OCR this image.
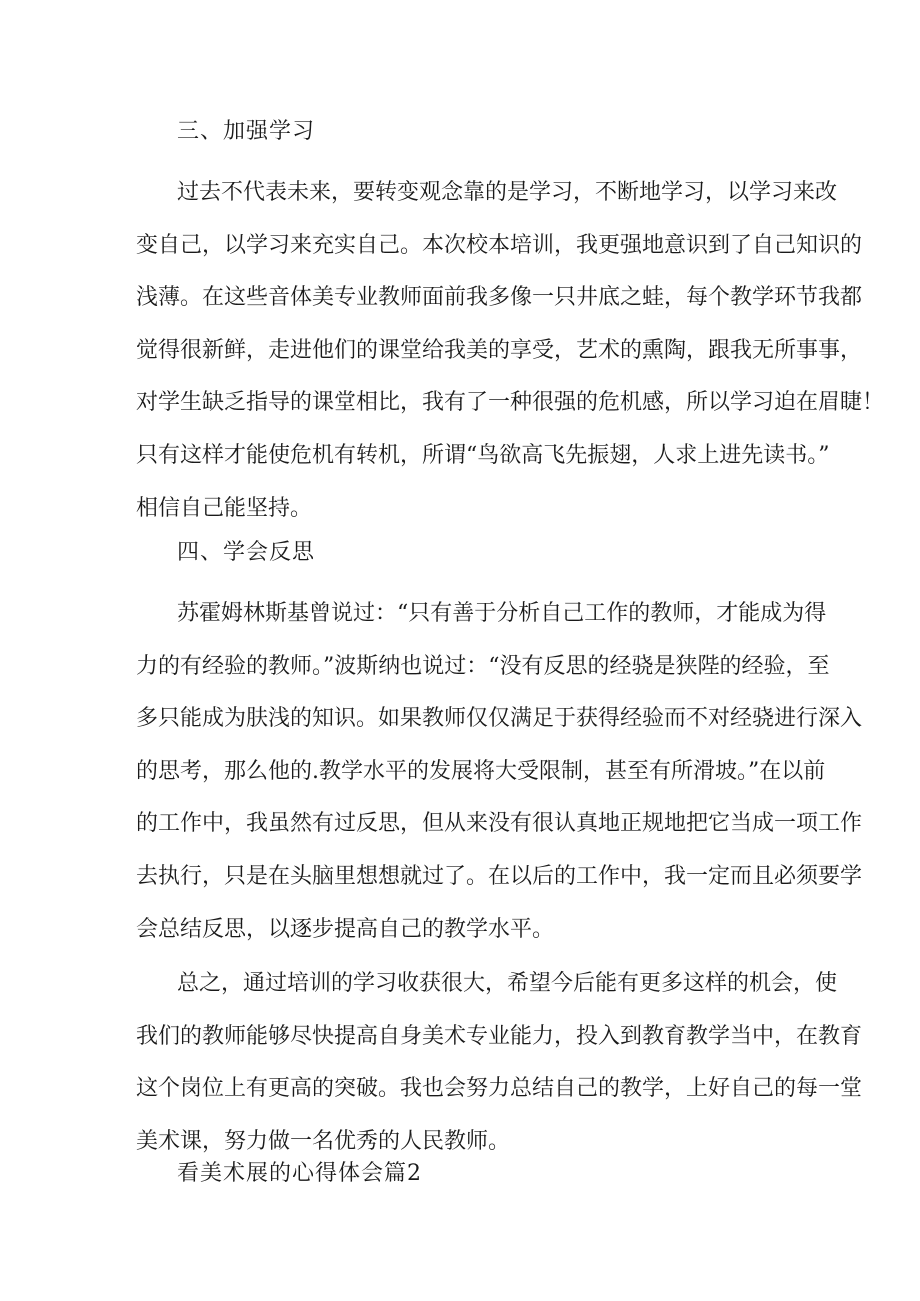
三、加强学习
过去不代表未来，要转变观念靠的是学习，不断地学习，以学习来改
变自己，以学习来充实自己。本次校本培训，我更强地意识到了自己知识的
浅薄。在这些音体美专业教师面前我多像一只井底之蛙，每个教学环节我都
觉得很新鲜，走进他们的课堂给我美的享受，艺术的熏陶，跟我无所事事，
对学生缺乏指导的课堂相比，我有了一种很强的危机感，所以学习迫在眉睫！
只有这样才能使危机有转机，所谓“鸟欲高飞先振翅，人求上进先读书。”
相信自己能坚持。
四、学会反思
苏霍姆林斯基曾说过：“只有善于分析自己工作的教师，才能成为得
力的有经验的教师。”波斯纳也说过：“没有反思的经骁是狭陛的经验，至
多只能成为肤浅的知识。如果教师仅仅满足于获得经验而不对经骁进行深入
的思考，那么他的.教学水平的发展将大受限制，甚至有所滑坡。”在以前
的工作中，我虽然有过反思，但从来没有很认真地正规地把它当成一项工作
去执行，只是在头脑里想想就过了。在以后的工作中，我一定而且必须要学
会总结反思，以逐步提高自己的教学水平。
总之，通过培训的学习收获很大，希望今后能有更多这样的机会，使
我们的教师能够尽快提高自身美术专业能力，投入到教育教学当中，在教育
这个岗位上有更高的突破。我也会努力总结自己的教学，上好自己的每一堂
美术课，努力做一名优秀的人民教师。
看美术展的心得体会篇2
